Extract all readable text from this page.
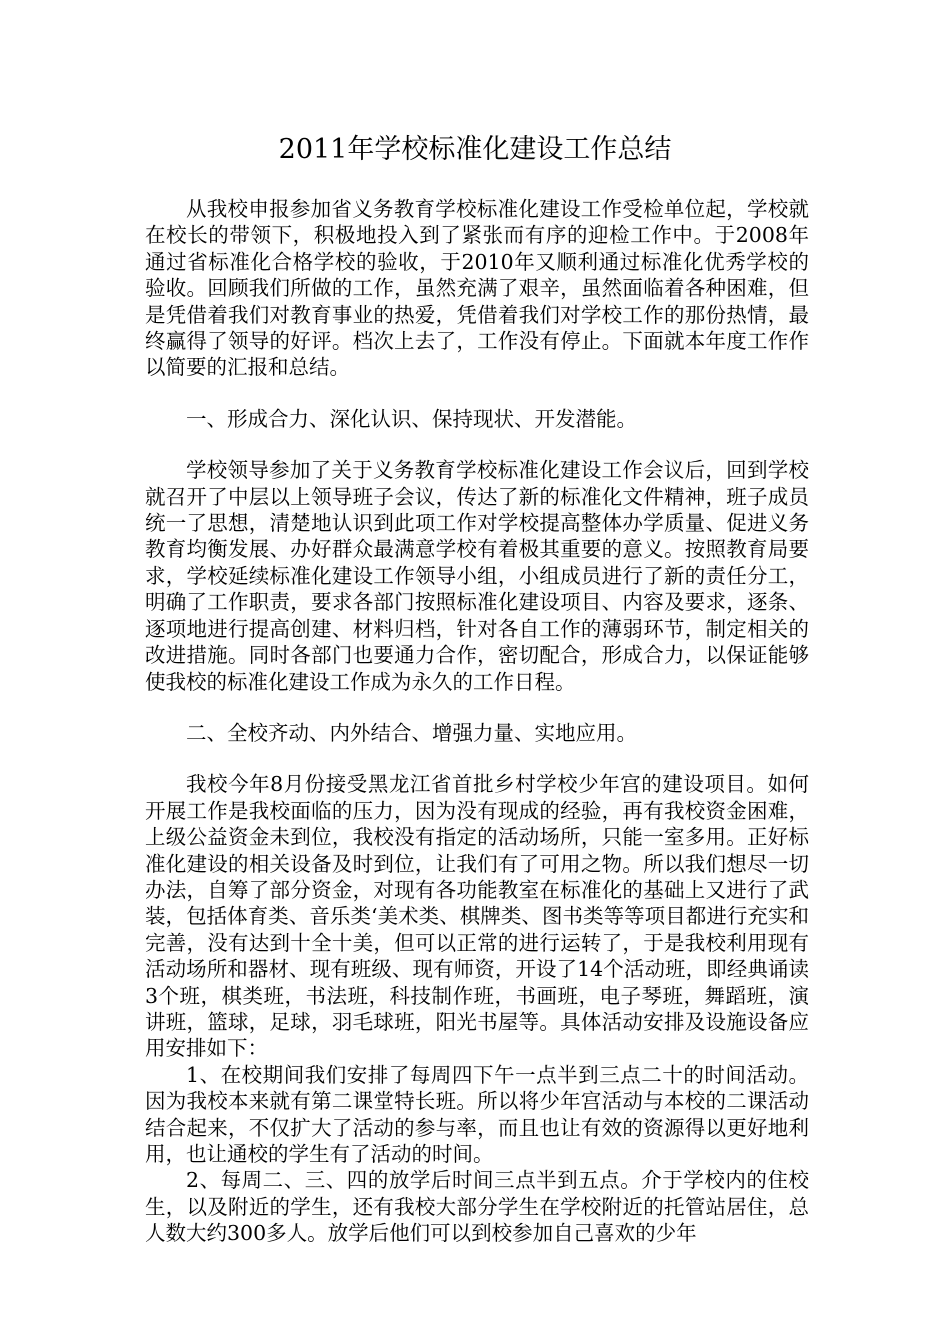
2011年学校标准化建设工作总结

从我校申报参加省义务教育学校标准化建设工作受检单位起，学校就在校长的带领下，积极地投入到了紧张而有序的迎检工作中。于2008年通过省标准化合格学校的验收，于2010年又顺利通过标准化优秀学校的验收。回顾我们所做的工作，虽然充满了艰辛，虽然面临着各种困难，但是凭借着我们对教育事业的热爱，凭借着我们对学校工作的那份热情，最终赢得了领导的好评。档次上去了，工作没有停止。下面就本年度工作作以简要的汇报和总结。

一、形成合力、深化认识、保持现状、开发潜能。

学校领导参加了关于义务教育学校标准化建设工作会议后，回到学校就召开了中层以上领导班子会议，传达了新的标准化文件精神，班子成员统一了思想，清楚地认识到此项工作对学校提高整体办学质量、促进义务教育均衡发展、办好群众最满意学校有着极其重要的意义。按照教育局要求，学校延续标准化建设工作领导小组，小组成员进行了新的责任分工，明确了工作职责，要求各部门按照标准化建设项目、内容及要求，逐条、逐项地进行提高创建、材料归档，针对各自工作的薄弱环节，制定相关的改进措施。同时各部门也要通力合作，密切配合，形成合力，以保证能够使我校的标准化建设工作成为永久的工作日程。

二、全校齐动、内外结合、增强力量、实地应用。

我校今年8月份接受黑龙江省首批乡村学校少年宫的建设项目。如何开展工作是我校面临的压力，因为没有现成的经验，再有我校资金困难，上级公益资金未到位，我校没有指定的活动场所，只能一室多用。正好标准化建设的相关设备及时到位，让我们有了可用之物。所以我们想尽一切办法，自筹了部分资金，对现有各功能教室在标准化的基础上又进行了武装，包括体育类、音乐类‘美术类、棋牌类、图书类等等项目都进行充实和完善，没有达到十全十美，但可以正常的进行运转了，于是我校利用现有活动场所和器材、现有班级、现有师资，开设了14个活动班，即经典诵读3个班，棋类班，书法班，科技制作班，书画班，电子琴班，舞蹈班，演讲班，篮球，足球，羽毛球班，阳光书屋等。具体活动安排及设施设备应用安排如下：

1、在校期间我们安排了每周四下午一点半到三点二十的时间活动。因为我校本来就有第二课堂特长班。所以将少年宫活动与本校的二课活动结合起来，不仅扩大了活动的参与率，而且也让有效的资源得以更好地利用，也让通校的学生有了活动的时间。

2、每周二、三、四的放学后时间三点半到五点。介于学校内的住校生，以及附近的学生，还有我校大部分学生在学校附近的托管站居住，总人数大约300多人。放学后他们可以到校参加自己喜欢的少年
